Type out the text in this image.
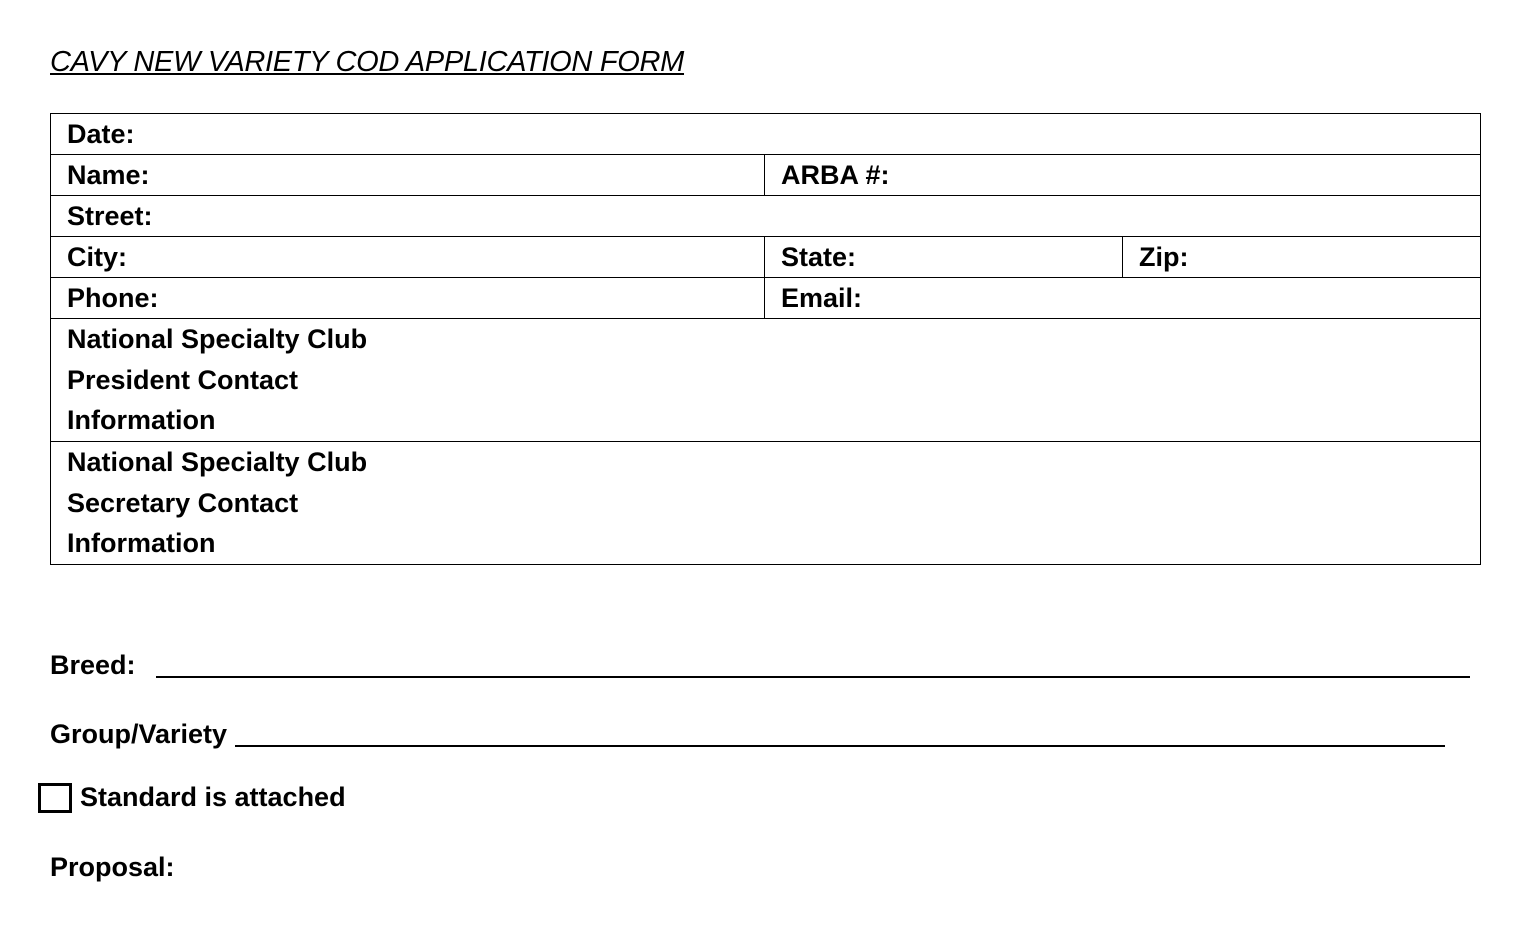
CAVY NEW VARIETY COD APPLICATION FORM
Date:		
Name:	ARBA #:	
Street:		
City:	State:	Zip:
Phone:	Email:	

National Specialty Club
President Contact
Information		

National Specialty Club
Secretary Contact
Information		
Breed:
Group/Variety
Standard is attached
Proposal:
